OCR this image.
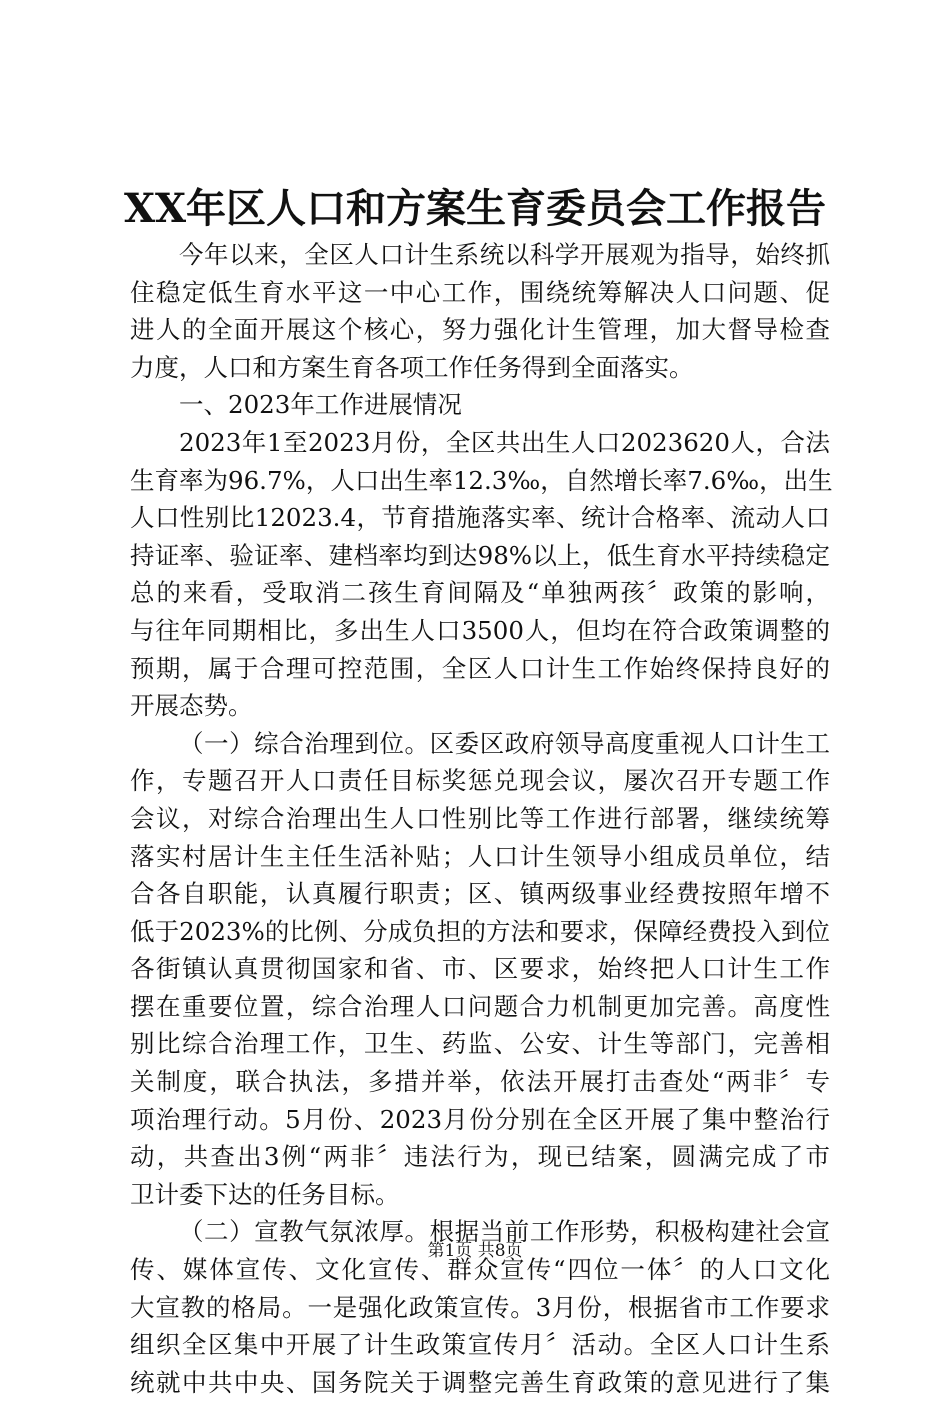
XX年区人口和方案生育委员会工作报告
今年以来，全区人口计生系统以科学开展观为指导，始终抓
住稳定低生育水平这一中心工作，围绕统筹解决人口问题、促
进人的全面开展这个核心，努力强化计生管理，加大督导检查
力度，人口和方案生育各项工作任务得到全面落实。
一、2023年工作进展情况
2023年1至2023月份，全区共出生人口2023620人，合法
生育率为96.7%，人口出生率12.3‰，自然增长率7.6‰，出生
人口性别比12023.4，节育措施落实率、统计合格率、流动人口
持证率、验证率、建档率均到达98%以上，低生育水平持续稳定
总的来看，受取消二孩生育间隔及“单独两孩〞政策的影响，
与往年同期相比，多出生人口3500人，但均在符合政策调整的
预期，属于合理可控范围，全区人口计生工作始终保持良好的
开展态势。
（一）综合治理到位。区委区政府领导高度重视人口计生工
作，专题召开人口责任目标奖惩兑现会议，屡次召开专题工作
会议，对综合治理出生人口性别比等工作进行部署，继续统筹
落实村居计生主任生活补贴；人口计生领导小组成员单位，结
合各自职能，认真履行职责；区、镇两级事业经费按照年增不
低于2023%的比例、分成负担的方法和要求，保障经费投入到位
各街镇认真贯彻国家和省、市、区要求，始终把人口计生工作
摆在重要位置，综合治理人口问题合力机制更加完善。高度性
别比综合治理工作，卫生、药监、公安、计生等部门，完善相
关制度，联合执法，多措并举，依法开展打击查处“两非〞专
项治理行动。5月份、2023月份分别在全区开展了集中整治行
动，共查出3例“两非〞违法行为，现已结案，圆满完成了市
卫计委下达的任务目标。
（二）宣教气氛浓厚。根据当前工作形势，积极构建社会宣
传、媒体宣传、文化宣传、群众宣传“四位一体〞的人口文化
大宣教的格局。一是强化政策宣传。3月份，根据省市工作要求
组织全区集中开展了计生政策宣传月〞活动。全区人口计生系
统就中共中央、国务院关于调整完善生育政策的意见进行了集
第1页 共8页
